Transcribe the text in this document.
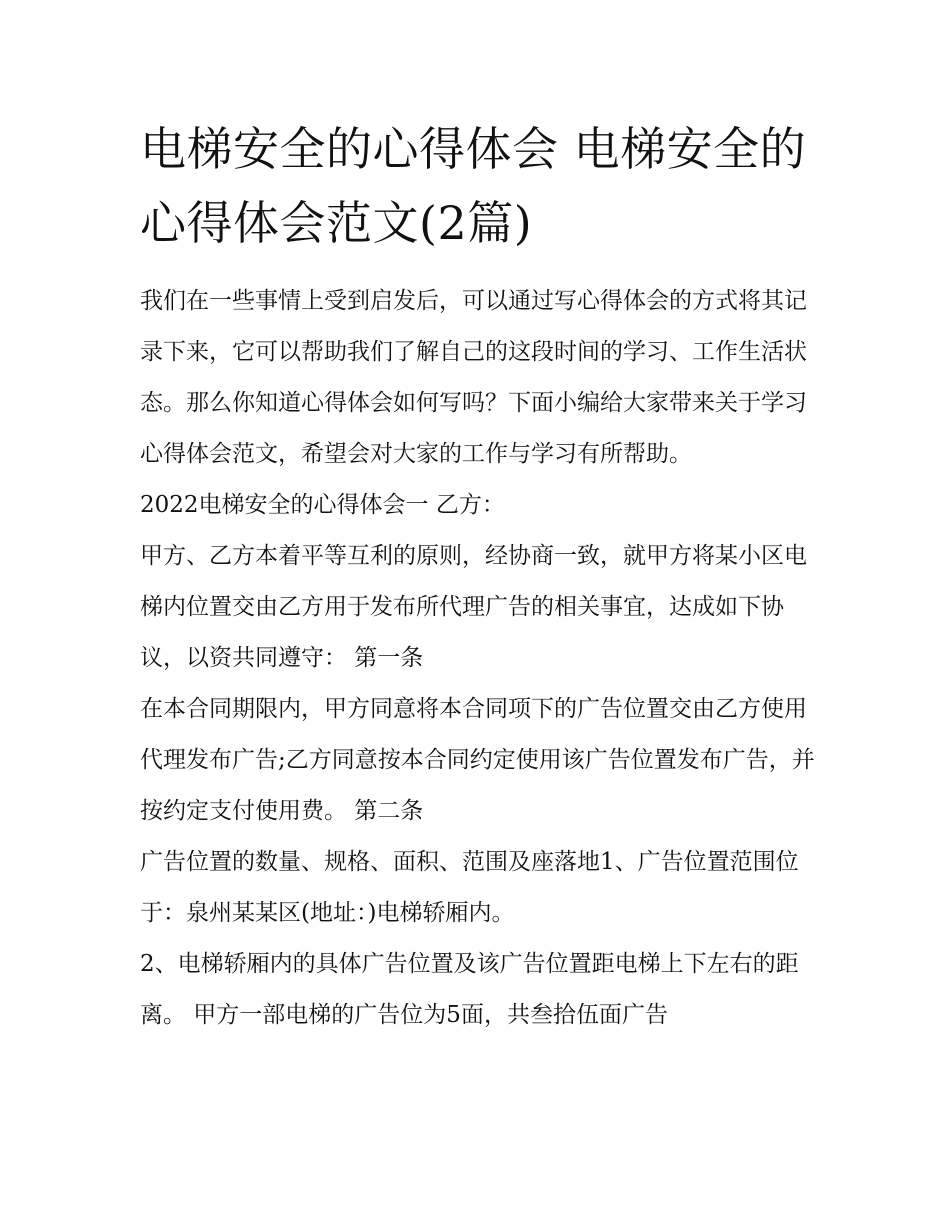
电梯安全的心得体会 电梯安全的心得体会范文(2篇)

我们在一些事情上受到启发后，可以通过写心得体会的方式将其记录下来，它可以帮助我们了解自己的这段时间的学习、工作生活状态。那么你知道心得体会如何写吗？下面小编给大家带来关于学习心得体会范文，希望会对大家的工作与学习有所帮助。

2022电梯安全的心得体会一 乙方：

甲方、乙方本着平等互利的原则，经协商一致，就甲方将某小区电梯内位置交由乙方用于发布所代理广告的相关事宜，达成如下协议，以资共同遵守： 第一条

在本合同期限内，甲方同意将本合同项下的广告位置交由乙方使用代理发布广告;乙方同意按本合同约定使用该广告位置发布广告，并按约定支付使用费。 第二条

广告位置的数量、规格、面积、范围及座落地1、广告位置范围位于：泉州某某区(地址：)电梯轿厢内。

2、电梯轿厢内的具体广告位置及该广告位置距电梯上下左右的距离。 甲方一部电梯的广告位为5面，共叁拾伍面广告
